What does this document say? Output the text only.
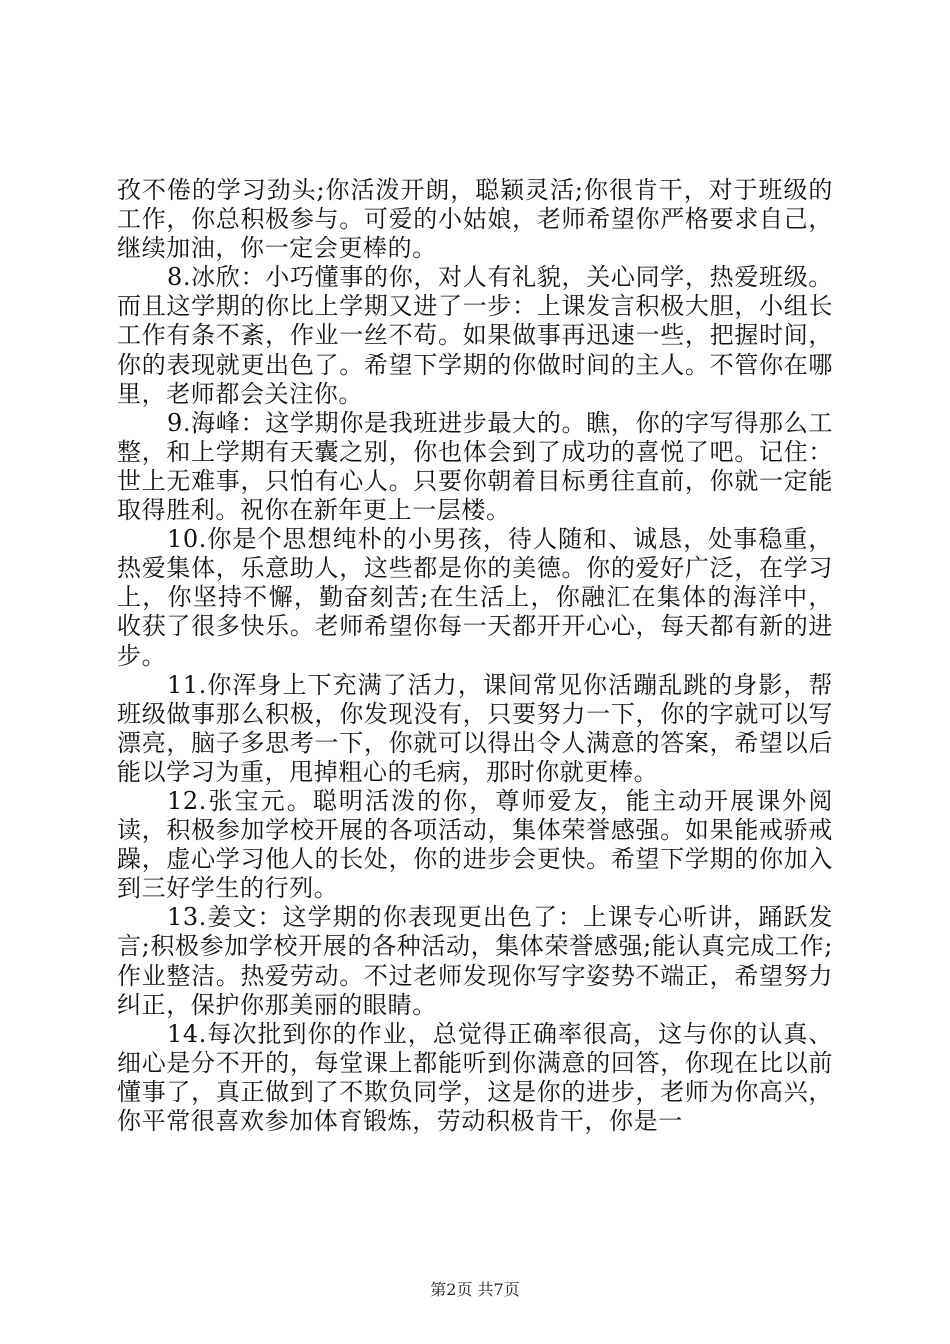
孜不倦的学习劲头;你活泼开朗，聪颖灵活;你很肯干，对于班级的工作，你总积极参与。可爱的小姑娘，老师希望你严格要求自己，继续加油，你一定会更棒的。

8.冰欣：小巧懂事的你，对人有礼貌，关心同学，热爱班级。而且这学期的你比上学期又进了一步：上课发言积极大胆，小组长工作有条不紊，作业一丝不苟。如果做事再迅速一些，把握时间，你的表现就更出色了。希望下学期的你做时间的主人。不管你在哪里，老师都会关注你。

9.海峰：这学期你是我班进步最大的。瞧，你的字写得那么工整，和上学期有天囊之别，你也体会到了成功的喜悦了吧。记住：世上无难事，只怕有心人。只要你朝着目标勇往直前，你就一定能取得胜利。祝你在新年更上一层楼。

10.你是个思想纯朴的小男孩，待人随和、诚恳，处事稳重，热爱集体，乐意助人，这些都是你的美德。你的爱好广泛，在学习上，你坚持不懈，勤奋刻苦;在生活上，你融汇在集体的海洋中，收获了很多快乐。老师希望你每一天都开开心心，每天都有新的进步。

11.你浑身上下充满了活力，课间常见你活蹦乱跳的身影，帮班级做事那么积极，你发现没有，只要努力一下，你的字就可以写漂亮，脑子多思考一下，你就可以得出令人满意的答案，希望以后能以学习为重，甩掉粗心的毛病，那时你就更棒。

12.张宝元。聪明活泼的你，尊师爱友，能主动开展课外阅读，积极参加学校开展的各项活动，集体荣誉感强。如果能戒骄戒躁，虚心学习他人的长处，你的进步会更快。希望下学期的你加入到三好学生的行列。

13.姜文：这学期的你表现更出色了：上课专心听讲，踊跃发言;积极参加学校开展的各种活动，集体荣誉感强;能认真完成工作;作业整洁。热爱劳动。不过老师发现你写字姿势不端正，希望努力纠正，保护你那美丽的眼睛。

14.每次批到你的作业，总觉得正确率很高，这与你的认真、细心是分不开的，每堂课上都能听到你满意的回答，你现在比以前懂事了，真正做到了不欺负同学，这是你的进步，老师为你高兴，你平常很喜欢参加体育锻炼，劳动积极肯干，你是一

第2页 共7页
